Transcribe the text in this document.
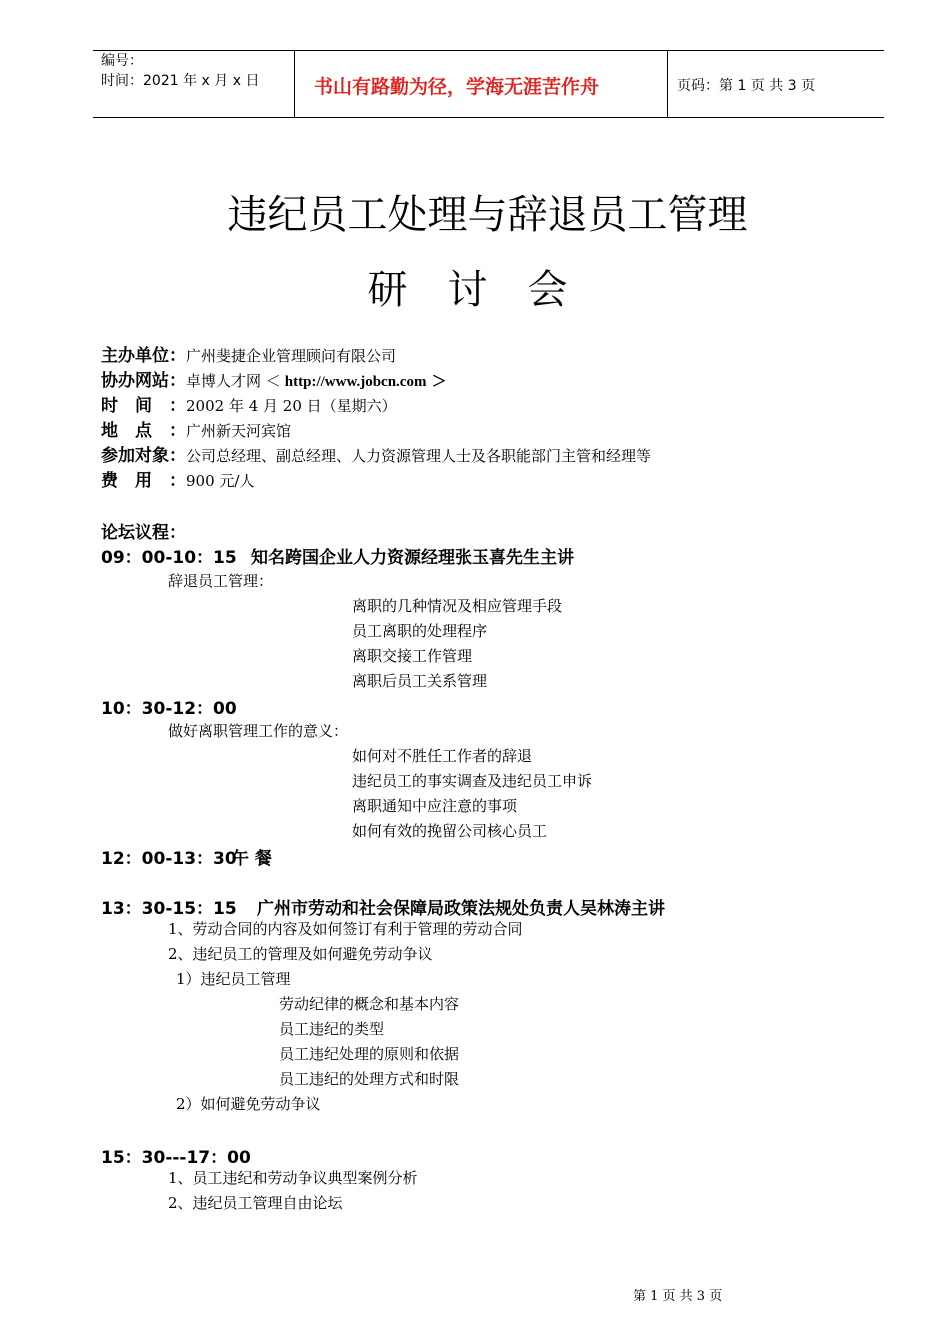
编号：
时间：2021 年 x 月 x 日	书山有路勤为径，学海无涯苦作舟	页码：第 1 页 共 3 页
违纪员工处理与辞退员工管理
研讨会
主办单位：广州斐捷企业管理顾问有限公司
协办网站：卓博人才网 ＜ http://www.jobcn.com ＞
时间：2002 年 4 月 20 日（星期六）
地点：广州新天河宾馆
参加对象：公司总经理、副总经理、人力资源管理人士及各职能部门主管和经理等
费用：900 元/人
论坛议程：
09：00-10：15 知名跨国企业人力资源经理张玉喜先生主讲
辞退员工管理：
离职的几种情况及相应管理手段
员工离职的处理程序
离职交接工作管理
离职后员工关系管理
10：30-12：00
做好离职管理工作的意义：
如何对不胜任工作者的辞退
违纪员工的事实调查及违纪员工申诉
离职通知中应注意的事项
如何有效的挽留公司核心员工
12：00-13：30
午 餐
13：30-15：15 广州市劳动和社会保障局政策法规处负责人吴林涛主讲
1、劳动合同的内容及如何签订有利于管理的劳动合同
2、违纪员工的管理及如何避免劳动争议
1）违纪员工管理
劳动纪律的概念和基本内容
员工违纪的类型
员工违纪处理的原则和依据
员工违纪的处理方式和时限
2）如何避免劳动争议
15：30---17：00
1、员工违纪和劳动争议典型案例分析
2、违纪员工管理自由论坛
第 1 页 共 3 页
